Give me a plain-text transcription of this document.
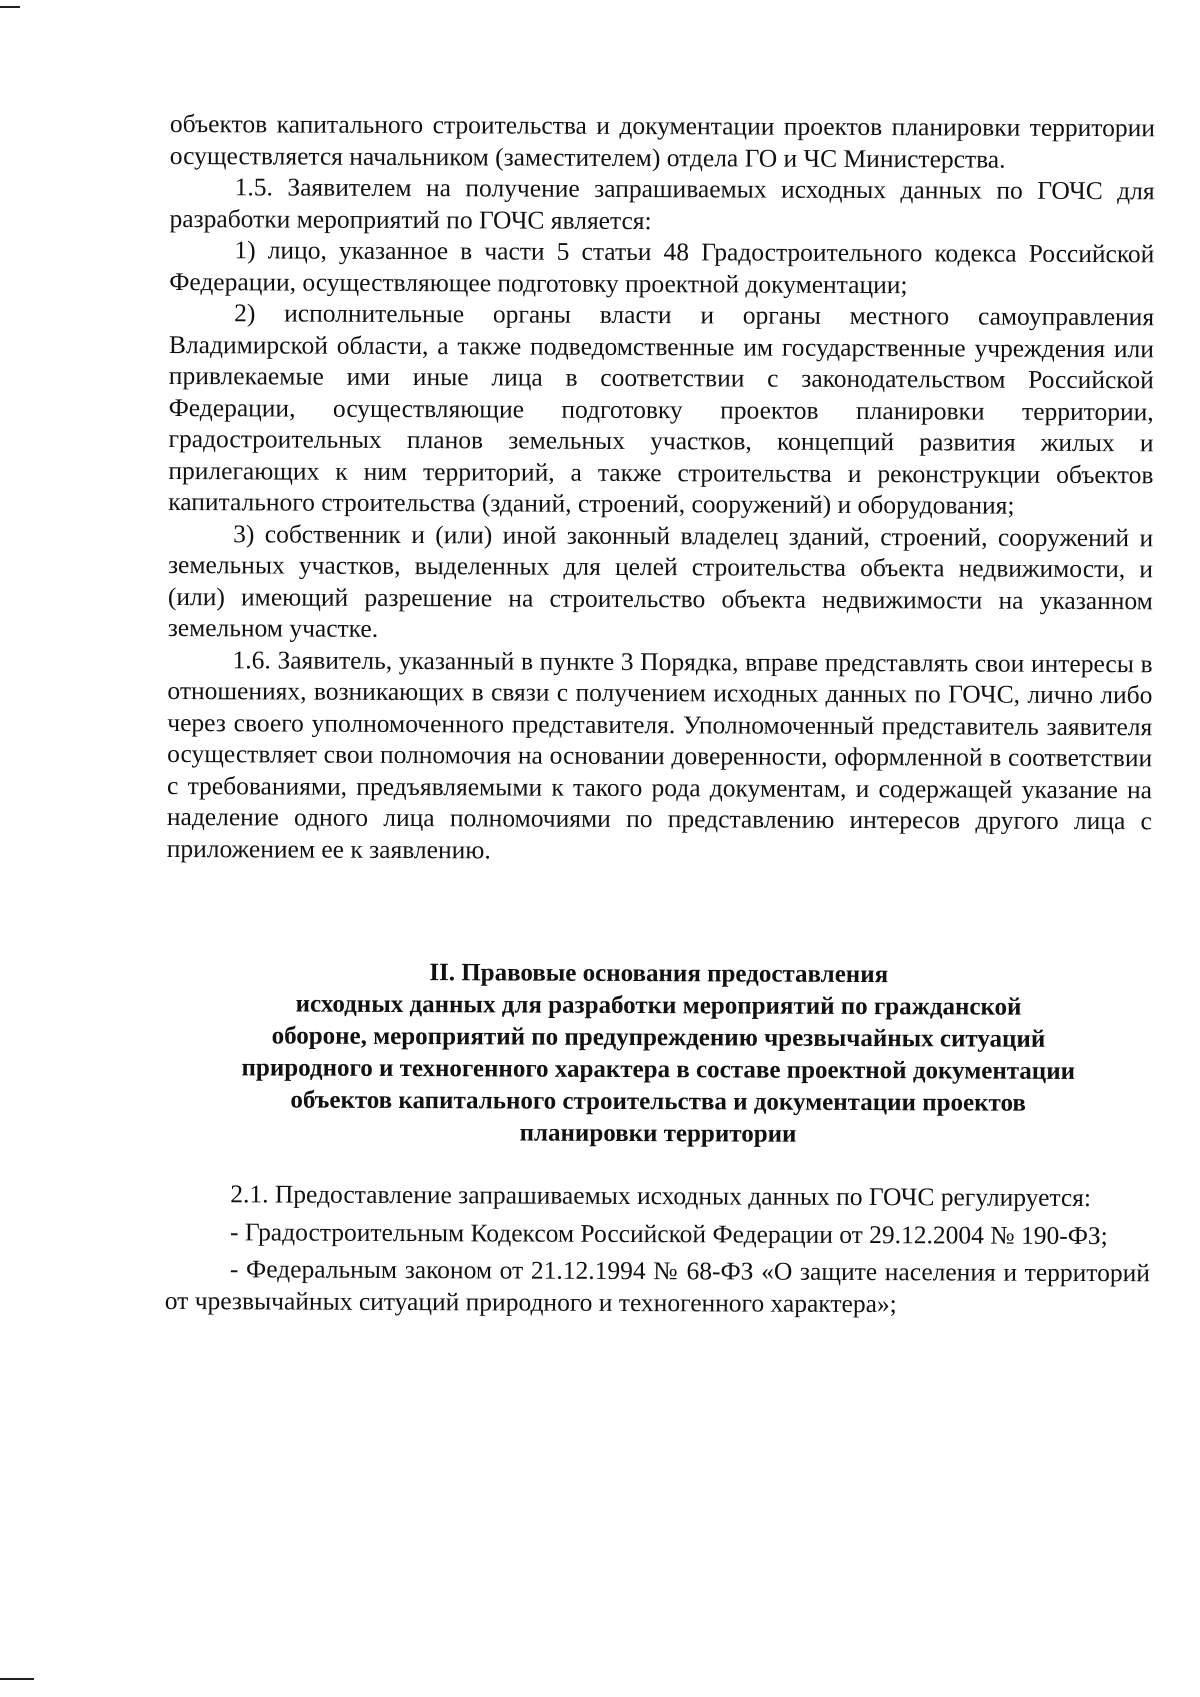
объектов капитального строительства и документации проектов планировки территории осуществляется начальником (заместителем) отдела ГО и ЧС Министерства.

1.5. Заявителем на получение запрашиваемых исходных данных по ГОЧС для разработки мероприятий по ГОЧС является:

1) лицо, указанное в части 5 статьи 48 Градостроительного кодекса Российской Федерации, осуществляющее подготовку проектной документации;

2) исполнительные органы власти и органы местного самоуправления Владимирской области, а также подведомственные им государственные учреждения или привлекаемые ими иные лица в соответствии с законодательством Российской Федерации, осуществляющие подготовку проектов планировки территории, градостроительных планов земельных участков, концепций развития жилых и прилегающих к ним территорий, а также строительства и реконструкции объектов капитального строительства (зданий, строений, сооружений) и оборудования;

3) собственник и (или) иной законный владелец зданий, строений, сооружений и земельных участков, выделенных для целей строительства объекта недвижимости, и (или) имеющий разрешение на строительство объекта недвижимости на указанном земельном участке.

1.6. Заявитель, указанный в пункте 3 Порядка, вправе представлять свои интересы в отношениях, возникающих в связи с получением исходных данных по ГОЧС, лично либо через своего уполномоченного представителя. Уполномоченный представитель заявителя осуществляет свои полномочия на основании доверенности, оформленной в соответствии с требованиями, предъявляемыми к такого рода документам, и содержащей указание на наделение одного лица полномочиями по представлению интересов другого лица с приложением ее к заявлению.

II. Правовые основания предоставления
исходных данных для разработки мероприятий по гражданской
обороне, мероприятий по предупреждению чрезвычайных ситуаций
природного и техногенного характера в составе проектной документации
объектов капитального строительства и документации проектов
планировки территории

2.1. Предоставление запрашиваемых исходных данных по ГОЧС регулируется:

- Градостроительным Кодексом Российской Федерации от 29.12.2004 № 190-ФЗ;

- Федеральным законом от 21.12.1994 № 68-ФЗ «О защите населения и территорий от чрезвычайных ситуаций природного и техногенного характера»;
